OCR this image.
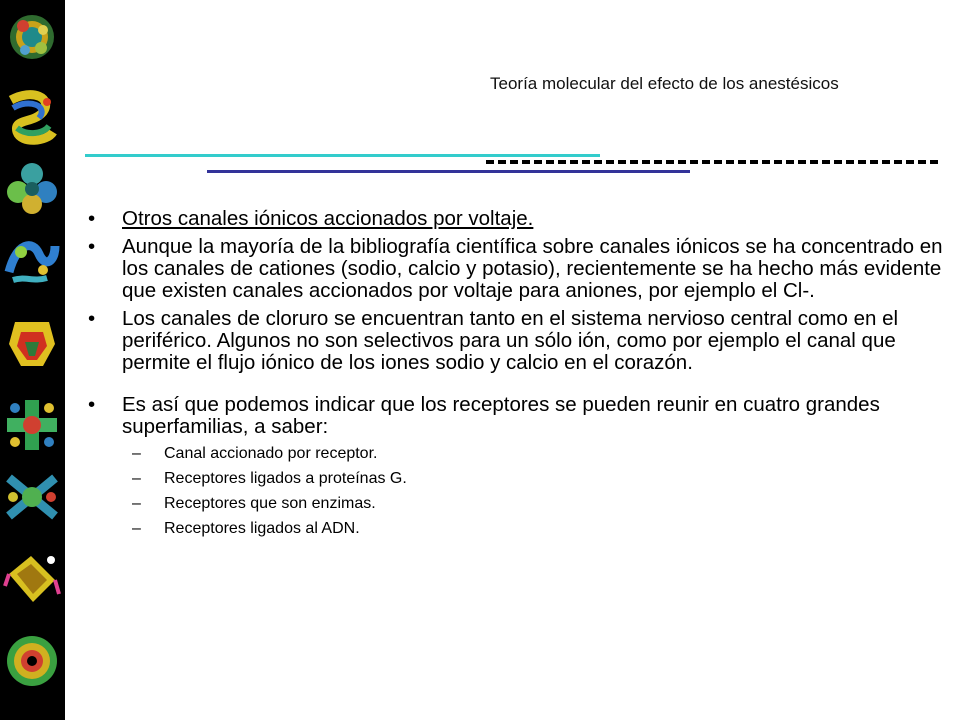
Teoría molecular del efecto de los anestésicos
• Otros canales iónicos accionados por voltaje.
• Aunque la mayoría de la bibliografía científica sobre canales iónicos se ha concentrado en los canales de cationes (sodio, calcio y potasio), recientemente se ha hecho más evidente que existen canales accionados por voltaje para aniones, por ejemplo el Cl-.
• Los canales de cloruro se encuentran tanto en el sistema nervioso central como en el periférico. Algunos no son selectivos para un sólo ión, como por ejemplo el canal que permite el flujo iónico de los iones sodio y calcio en el corazón.
• Es así que podemos indicar que los receptores se pueden reunir en cuatro grandes superfamilias, a saber:
– Canal accionado por receptor.
– Receptores ligados a proteínas G.
– Receptores que son enzimas.
– Receptores ligados al ADN.
